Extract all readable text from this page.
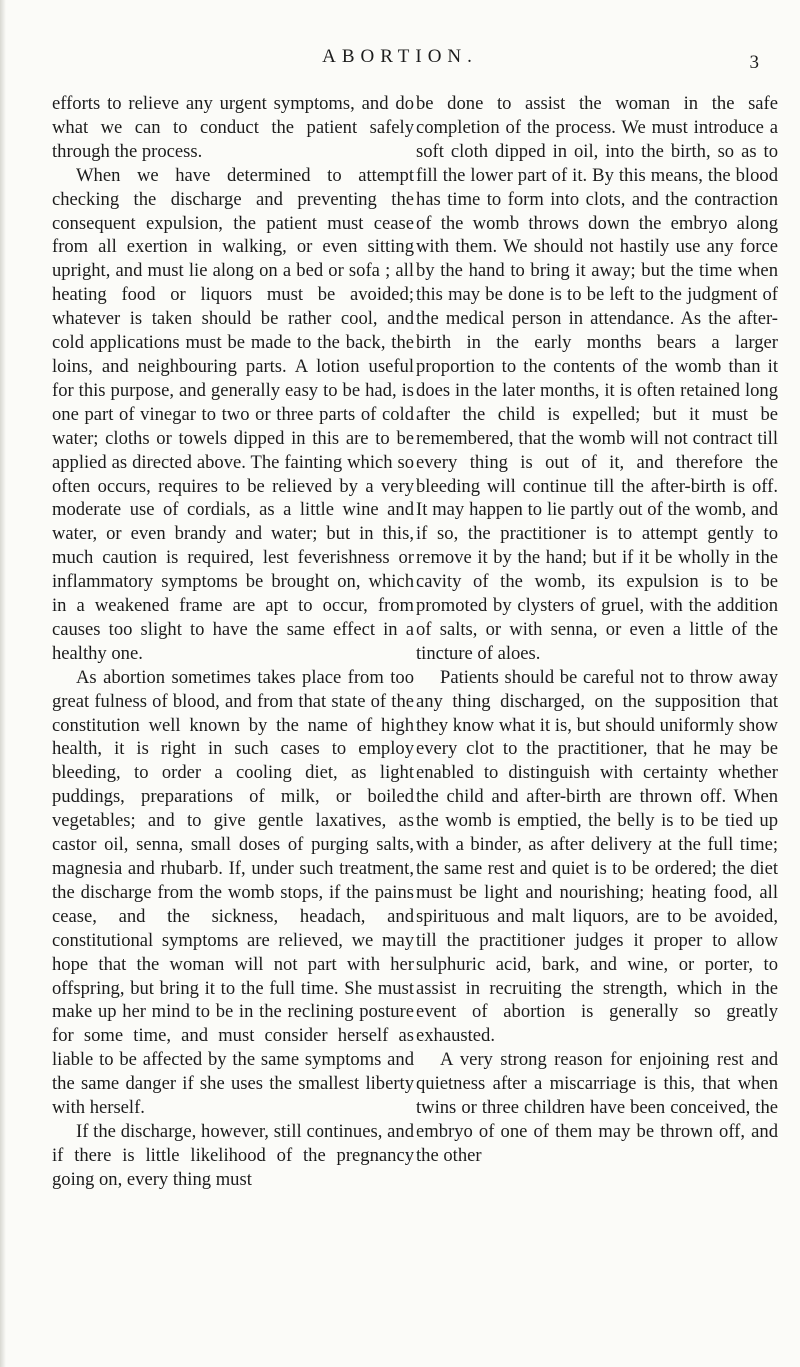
ABORTION.	3

efforts to relieve any urgent symptoms, and do what we can to conduct the patient safely through the process.

When we have determined to attempt checking the discharge and preventing the consequent expulsion, the patient must cease from all exertion in walking, or even sitting upright, and must lie along on a bed or sofa ; all heating food or liquors must be avoided; whatever is taken should be rather cool, and cold applications must be made to the back, the loins, and neighbouring parts. A lotion useful for this purpose, and generally easy to be had, is one part of vinegar to two or three parts of cold water; cloths or towels dipped in this are to be applied as directed above. The fainting which so often occurs, requires to be relieved by a very moderate use of cordials, as a little wine and water, or even brandy and water; but in this, much caution is required, lest feverishness or inflammatory symptoms be brought on, which in a weakened frame are apt to occur, from causes too slight to have the same effect in a healthy one.

As abortion sometimes takes place from too great fulness of blood, and from that state of the constitution well known by the name of high health, it is right in such cases to employ bleeding, to order a cooling diet, as light puddings, preparations of milk, or boiled vegetables; and to give gentle laxatives, as castor oil, senna, small doses of purging salts, magnesia and rhubarb. If, under such treatment, the discharge from the womb stops, if the pains cease, and the sickness, headach, and constitutional symptoms are relieved, we may hope that the woman will not part with her offspring, but bring it to the full time. She must make up her mind to be in the reclining posture for some time, and must consider herself as liable to be affected by the same symptoms and the same danger if she uses the smallest liberty with herself.

If the discharge, however, still continues, and if there is little likelihood of the pregnancy going on, every thing must

be done to assist the woman in the safe completion of the process. We must introduce a soft cloth dipped in oil, into the birth, so as to fill the lower part of it. By this means, the blood has time to form into clots, and the contraction of the womb throws down the embryo along with them. We should not hastily use any force by the hand to bring it away; but the time when this may be done is to be left to the judgment of the medical person in attendance. As the after-birth in the early months bears a larger proportion to the contents of the womb than it does in the later months, it is often retained long after the child is expelled; but it must be remembered, that the womb will not contract till every thing is out of it, and therefore the bleeding will continue till the after-birth is off. It may happen to lie partly out of the womb, and if so, the practitioner is to attempt gently to remove it by the hand; but if it be wholly in the cavity of the womb, its expulsion is to be promoted by clysters of gruel, with the addition of salts, or with senna, or even a little of the tincture of aloes.

Patients should be careful not to throw away any thing discharged, on the supposition that they know what it is, but should uniformly show every clot to the practitioner, that he may be enabled to distinguish with certainty whether the child and after-birth are thrown off. When the womb is emptied, the belly is to be tied up with a binder, as after delivery at the full time; the same rest and quiet is to be ordered; the diet must be light and nourishing; heating food, all spirituous and malt liquors, are to be avoided, till the practitioner judges it proper to allow sulphuric acid, bark, and wine, or porter, to assist in recruiting the strength, which in the event of abortion is generally so greatly exhausted.

A very strong reason for enjoining rest and quietness after a miscarriage is this, that when twins or three children have been conceived, the embryo of one of them may be thrown off, and the other
